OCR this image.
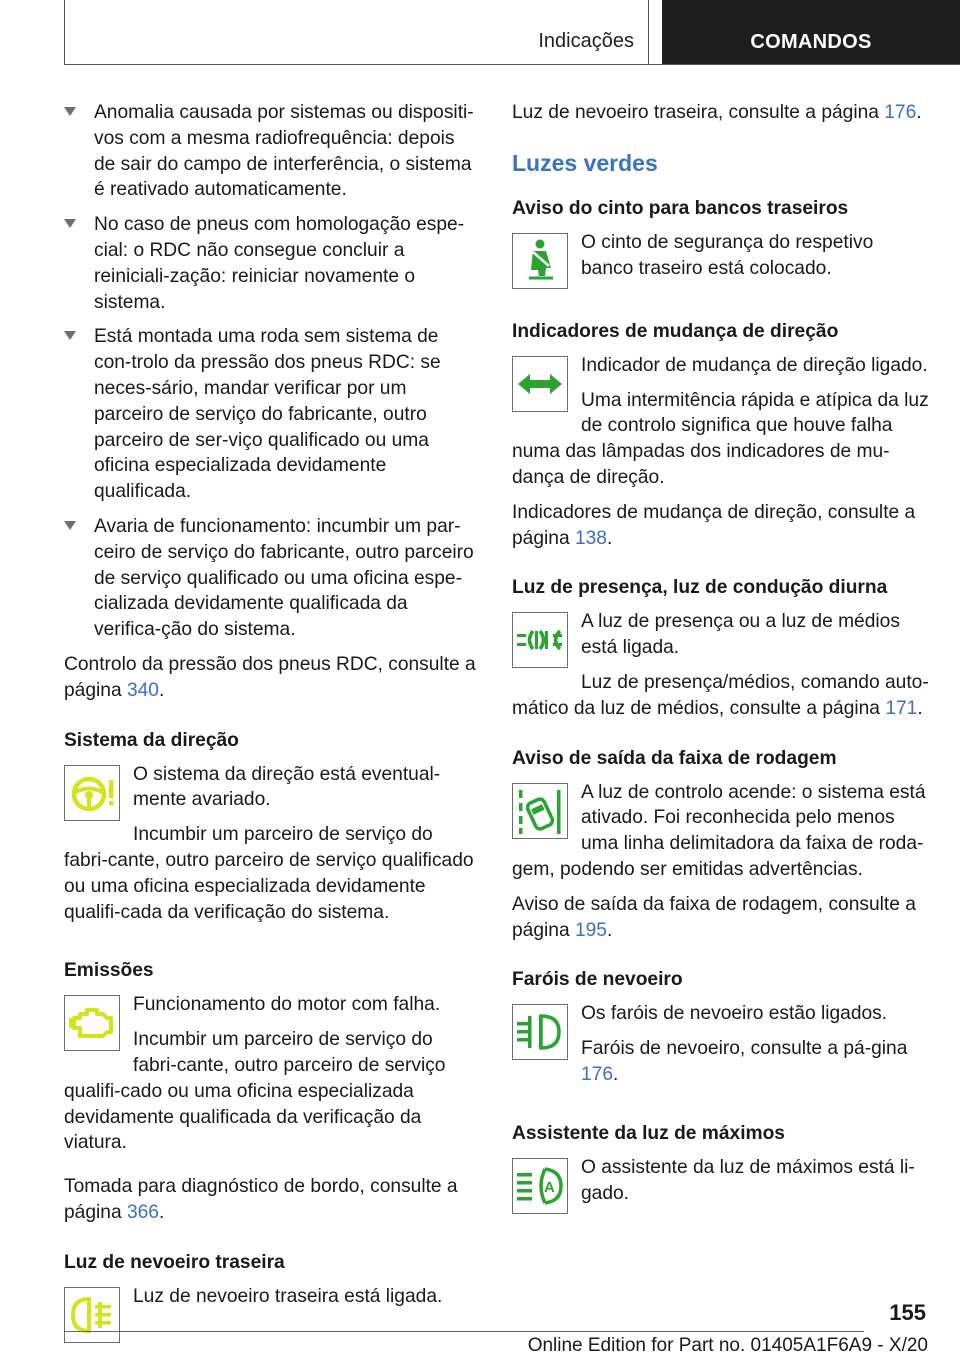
Indicações	COMANDOS
Anomalia causada por sistemas ou dispositi‐vos com a mesma radiofrequência: depois de sair do campo de interferência, o sistema é reativado automaticamente.
No caso de pneus com homologação espe‐cial: o RDC não consegue concluir a reiniciali‐zação: reiniciar novamente o sistema.
Está montada uma roda sem sistema de con‐trolo da pressão dos pneus RDC: se neces‐sário, mandar verificar por um parceiro de serviço do fabricante, outro parceiro de ser‐viço qualificado ou uma oficina especializada devidamente qualificada.
Avaria de funcionamento: incumbir um par‐ceiro de serviço do fabricante, outro parceiro de serviço qualificado ou uma oficina espe‐cializada devidamente qualificada da verifica‐ção do sistema.

Controlo da pressão dos pneus RDC, consulte a página 340.

Sistema da direção

O sistema da direção está eventual‐mente avariado.

Incumbir um parceiro de serviço do fabri‐cante, outro parceiro de serviço qualificado ou uma oficina especializada devidamente qualifi‐cada da verificação do sistema.

Emissões

Funcionamento do motor com falha.

Incumbir um parceiro de serviço do fabri‐cante, outro parceiro de serviço qualifi‐cado ou uma oficina especializada devidamente qualificada da verificação da viatura.

Tomada para diagnóstico de bordo, consulte a página 366.

Luz de nevoeiro traseira

Luz de nevoeiro traseira está ligada.

Luz de nevoeiro traseira, consulte a página 176.

Luzes verdes
Aviso do cinto para bancos traseiros

O cinto de segurança do respetivo banco traseiro está colocado.

Indicadores de mudança de direção

Indicador de mudança de direção ligado.

Uma intermitência rápida e atípica da luz de controlo significa que houve falha numa das lâmpadas dos indicadores de mu‐dança de direção.

Indicadores de mudança de direção, consulte a página 138.

Luz de presença, luz de condução diurna

A luz de presença ou a luz de médios está ligada.

Luz de presença/médios, comando auto‐mático da luz de médios, consulte a página 171.

Aviso de saída da faixa de rodagem

A luz de controlo acende: o sistema está ativado. Foi reconhecida pelo menos uma linha delimitadora da faixa de roda‐gem, podendo ser emitidas advertências.

Aviso de saída da faixa de rodagem, consulte a página 195.

Faróis de nevoeiro

Os faróis de nevoeiro estão ligados.

Faróis de nevoeiro, consulte a pá‐gina 176.

Assistente da luz de máximos
A

O assistente da luz de máximos está li‐gado.

155
Online Edition for Part no. 01405A1F6A9 - X/20
